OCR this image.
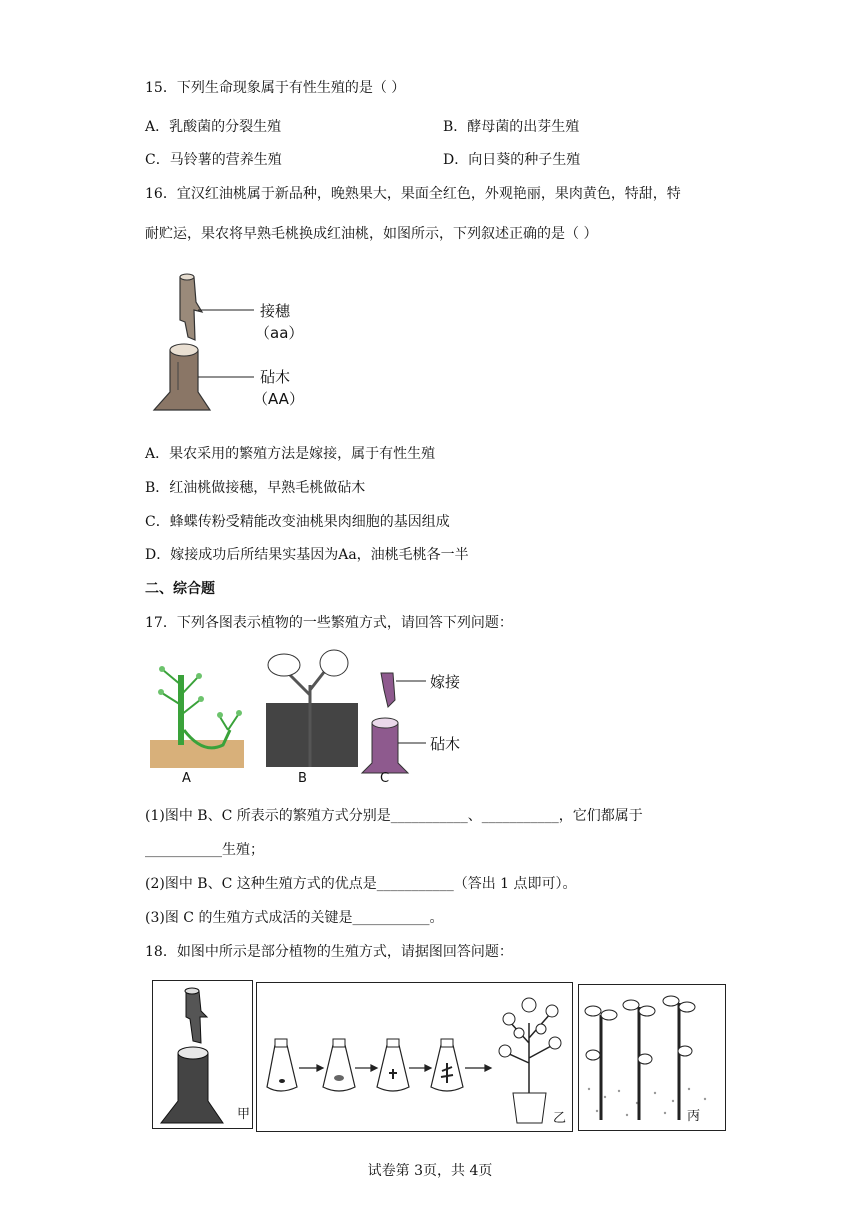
15．下列生命现象属于有性生殖的是（ ）
A．乳酸菌的分裂生殖	B．酵母菌的出芽生殖
C．马铃薯的营养生殖	D．向日葵的种子生殖
16．宜汉红油桃属于新品种，晚熟果大，果面全红色，外观艳丽，果肉黄色，特甜，特
耐贮运，果农将早熟毛桃换成红油桃，如图所示，下列叙述正确的是（ ）
接穗
（aa）
砧木
（AA）
A．果农采用的繁殖方法是嫁接，属于有性生殖
B．红油桃做接穗，早熟毛桃做砧木
C．蜂蝶传粉受精能改变油桃果肉细胞的基因组成
D．嫁接成功后所结果实基因为Aa，油桃毛桃各一半
二、综合题
17．下列各图表示植物的一些繁殖方式，请回答下列问题：
A	B	C
嫁接
砧木
(1)图中 B、C 所表示的繁殖方式分别是___________、___________，它们都属于
___________生殖；
(2)图中 B、C 这种生殖方式的优点是___________（答出 1 点即可）。
(3)图 C 的生殖方式成活的关键是___________。
18．如图中所示是部分植物的生殖方式，请据图回答问题：
甲	乙	丙
试卷第 3页，共 4页
